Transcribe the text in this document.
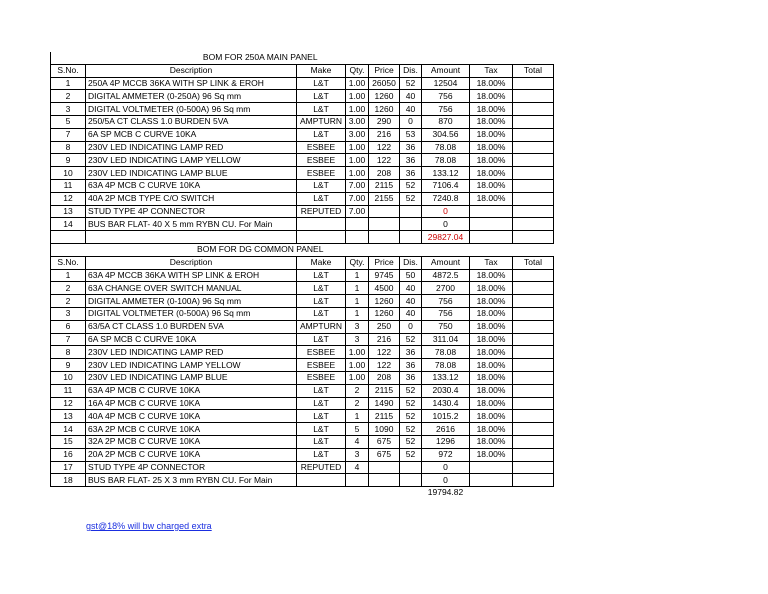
BOM FOR 250A MAIN PANEL								
S.No.	Description	Make	Qty.	Price	Dis.	Amount	Tax	Total
1	250A 4P MCCB 36KA WITH SP LINK & EROH	L&T	1.00	26050	52	12504	18.00%	
2	DIGITAL AMMETER (0-250A) 96 Sq mm	L&T	1.00	1260	40	756	18.00%	
3	DIGITAL VOLTMETER (0-500A) 96 Sq mm	L&T	1.00	1260	40	756	18.00%	
5	250/5A CT CLASS 1.0 BURDEN 5VA	AMPTURN	3.00	290	0	870	18.00%	
7	6A SP MCB C CURVE 10KA	L&T	3.00	216	53	304.56	18.00%	
8	230V LED INDICATING LAMP RED	ESBEE	1.00	122	36	78.08	18.00%	
9	230V LED INDICATING LAMP YELLOW	ESBEE	1.00	122	36	78.08	18.00%	
10	230V LED INDICATING LAMP BLUE	ESBEE	1.00	208	36	133.12	18.00%	
11	63A 4P MCB C CURVE 10KA	L&T	7.00	2115	52	7106.4	18.00%	
12	40A 2P MCB TYPE C/O SWITCH	L&T	7.00	2155	52	7240.8	18.00%	
13	STUD TYPE 4P CONNECTOR	REPUTED	7.00			0		
14	BUS BAR FLAT- 40 X 5 mm RYBN CU. For Main					0		
						29827.04		
BOM FOR DG COMMON PANEL								
S.No.	Description	Make	Qty.	Price	Dis.	Amount	Tax	Total
1	63A 4P MCCB 36KA WITH SP LINK & EROH	L&T	1	9745	50	4872.5	18.00%	
2	63A CHANGE OVER SWITCH MANUAL	L&T	1	4500	40	2700	18.00%	
2	DIGITAL AMMETER (0-100A) 96 Sq mm	L&T	1	1260	40	756	18.00%	
3	DIGITAL VOLTMETER (0-500A) 96 Sq mm	L&T	1	1260	40	756	18.00%	
6	63/5A CT CLASS 1.0 BURDEN 5VA	AMPTURN	3	250	0	750	18.00%	
7	6A SP MCB C CURVE 10KA	L&T	3	216	52	311.04	18.00%	
8	230V LED INDICATING LAMP RED	ESBEE	1.00	122	36	78.08	18.00%	
9	230V LED INDICATING LAMP YELLOW	ESBEE	1.00	122	36	78.08	18.00%	
10	230V LED INDICATING LAMP BLUE	ESBEE	1.00	208	36	133.12	18.00%	
11	63A 4P MCB C CURVE 10KA	L&T	2	2115	52	2030.4	18.00%	
12	16A 4P MCB C CURVE 10KA	L&T	2	1490	52	1430.4	18.00%	
13	40A 4P MCB C CURVE 10KA	L&T	1	2115	52	1015.2	18.00%	
14	63A 2P MCB C CURVE 10KA	L&T	5	1090	52	2616	18.00%	
15	32A 2P MCB C CURVE 10KA	L&T	4	675	52	1296	18.00%	
16	20A 2P MCB C CURVE 10KA	L&T	3	675	52	972	18.00%	
17	STUD TYPE 4P CONNECTOR	REPUTED	4			0		
18	BUS BAR FLAT- 25 X 3 mm RYBN CU. For Main					0		
						19794.82		
gst@18% will bw charged extra
